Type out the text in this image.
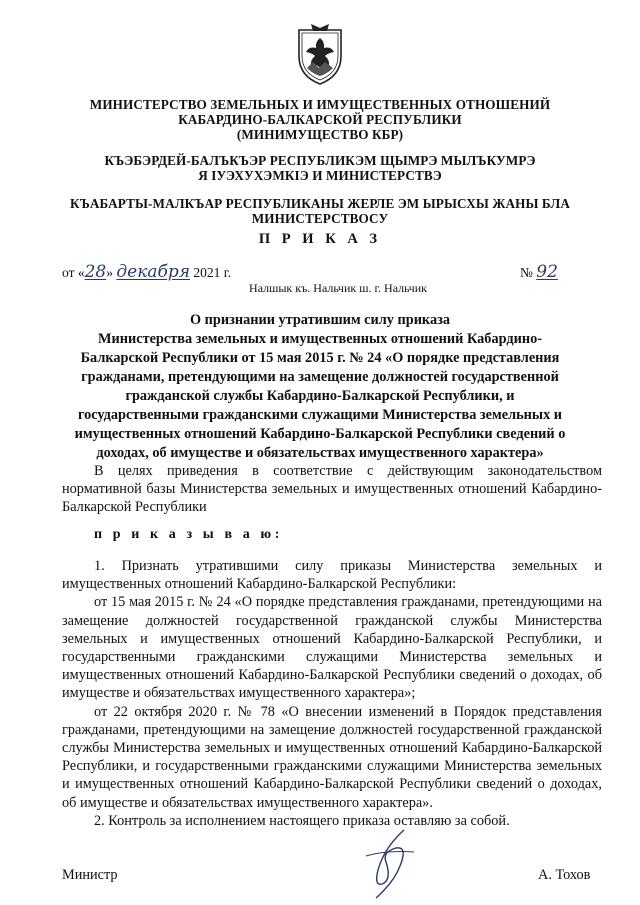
МИНИСТЕРСТВО ЗЕМЕЛЬНЫХ И ИМУЩЕСТВЕННЫХ ОТНОШЕНИЙ
КАБАРДИНО-БАЛКАРСКОЙ РЕСПУБЛИКИ
(МИНИМУЩЕСТВО КБР)
КЪЭБЭРДЕЙ-БАЛЪКЪЭР РЕСПУБЛИКЭМ ЩЫМРЭ МЫЛЪКУМРЭ
Я ІУЭХУХЭМКІЭ И МИНИСТЕРСТВЭ
КЪАБАРТЫ-МАЛКЪАР РЕСПУБЛИКАНЫ ЖЕРЛЕ ЭМ ЫРЫСХЫ ЖАНЫ БЛА
МИНИСТЕРСТВОСУ
П Р И К А З
от «28» декабря 2021 г.	№ 92
Налшык къ. Нальчик ш. г. Нальчик
О признании утратившим силу приказа
Министерства земельных и имущественных отношений Кабардино-
Балкарской Республики от 15 мая 2015 г. № 24 «О порядке представления
гражданами, претендующими на замещение должностей государственной
гражданской службы Кабардино-Балкарской Республики, и
государственными гражданскими служащими Министерства земельных и
имущественных отношений Кабардино-Балкарской Республики сведений о
доходах, об имуществе и обязательствах имущественного характера»

В целях приведения в соответствие с действующим законодательством нормативной базы Министерства земельных и имущественных отношений Кабардино-Балкарской Республики

п р и к а з ы в а ю:

1. Признать утратившими силу приказы Министерства земельных и имущественных отношений Кабардино-Балкарской Республики:

от 15 мая 2015 г. № 24 «О порядке представления гражданами, претендующими на замещение должностей государственной гражданской службы Министерства земельных и имущественных отношений Кабардино-Балкарской Республики, и государственными гражданскими служащими Министерства земельных и имущественных отношений Кабардино-Балкарской Республики сведений о доходах, об имуществе и обязательствах имущественного характера»;

от 22 октября 2020 г. № 78 «О внесении изменений в Порядок представления гражданами, претендующими на замещение должностей государственной гражданской службы Министерства земельных и имущественных отношений Кабардино-Балкарской Республики, и государственными гражданскими служащими Министерства земельных и имущественных отношений Кабардино-Балкарской Республики сведений о доходах, об имуществе и обязательствах имущественного характера».

2. Контроль за исполнением настоящего приказа оставляю за собой.

Министр	А. Тохов
